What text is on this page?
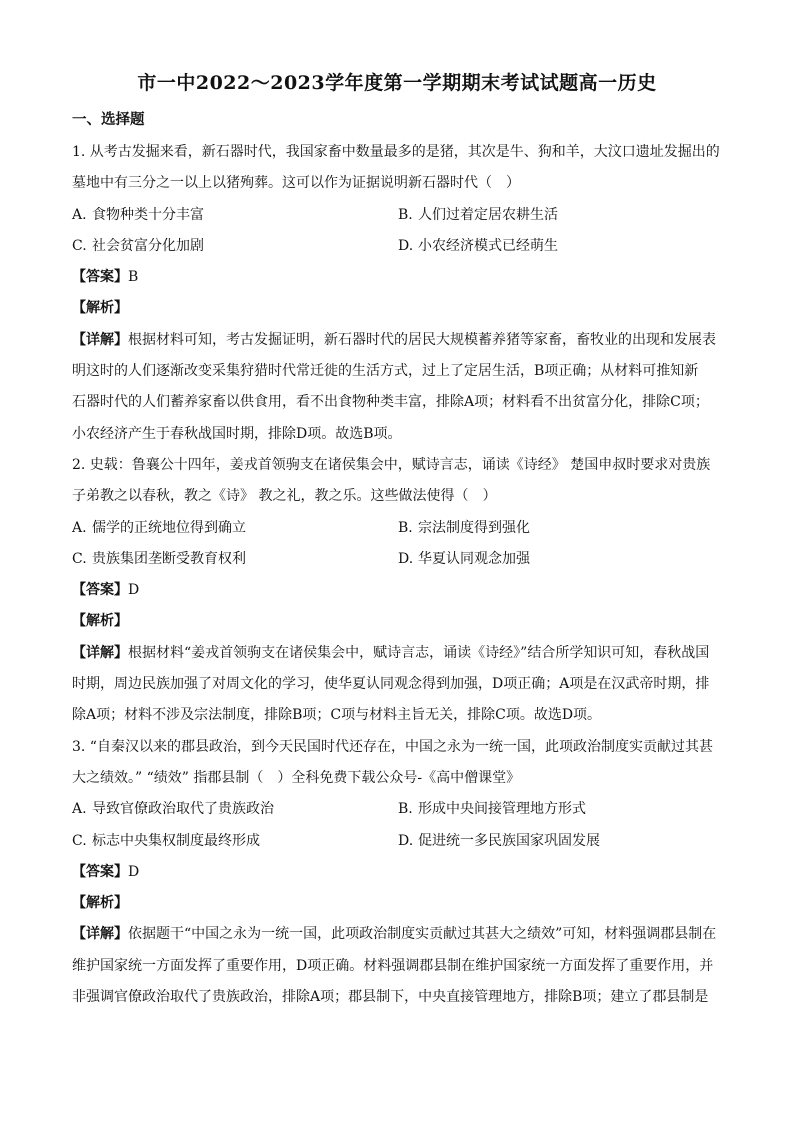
市一中2022～2023学年度第一学期期末考试试题高一历史
一、选择题
1. 从考古发掘来看，新石器时代，我国家畜中数量最多的是猪，其次是牛、狗和羊，大汶口遗址发掘出的
墓地中有三分之一以上以猪殉葬。这可以作为证据说明新石器时代（　）
A. 食物种类十分丰富	B. 人们过着定居农耕生活
C. 社会贫富分化加剧	D. 小农经济模式已经萌生
【答案】B
【解析】
【详解】根据材料可知，考古发掘证明，新石器时代的居民大规模蓄养猪等家畜，畜牧业的出现和发展表
明这时的人们逐渐改变采集狩猎时代常迁徙的生活方式，过上了定居生活，B项正确；从材料可推知新
石器时代的人们蓄养家畜以供食用，看不出食物种类丰富，排除A项；材料看不出贫富分化，排除C项；
小农经济产生于春秋战国时期，排除D项。故选B项。
2. 史载：鲁襄公十四年，姜戎首领驹支在诸侯集会中，赋诗言志，诵读《诗经》 楚国申叔时要求对贵族
子弟教之以春秋，教之《诗》 教之礼，教之乐。这些做法使得（　）
A. 儒学的正统地位得到确立	B. 宗法制度得到强化
C. 贵族集团垄断受教育权利	D. 华夏认同观念加强
【答案】D
【解析】
【详解】根据材料“姜戎首领驹支在诸侯集会中，赋诗言志，诵读《诗经》”结合所学知识可知，春秋战国
时期，周边民族加强了对周文化的学习，使华夏认同观念得到加强，D项正确；A项是在汉武帝时期，排
除A项；材料不涉及宗法制度，排除B项；C项与材料主旨无关，排除C项。故选D项。
3. “自秦汉以来的郡县政治，到今天民国时代还存在，中国之永为一统一国，此项政治制度实贡献过其甚
大之绩效。” “绩效” 指郡县制（　）全科免费下载公众号-《高中僧课堂》
A. 导致官僚政治取代了贵族政治	B. 形成中央间接管理地方形式
C. 标志中央集权制度最终形成	D. 促进统一多民族国家巩固发展
【答案】D
【解析】
【详解】依据题干“中国之永为一统一国，此项政治制度实贡献过其甚大之绩效”可知，材料强调郡县制在
维护国家统一方面发挥了重要作用，D项正确。材料强调郡县制在维护国家统一方面发挥了重要作用，并
非强调官僚政治取代了贵族政治，排除A项；郡县制下，中央直接管理地方，排除B项；建立了郡县制是
